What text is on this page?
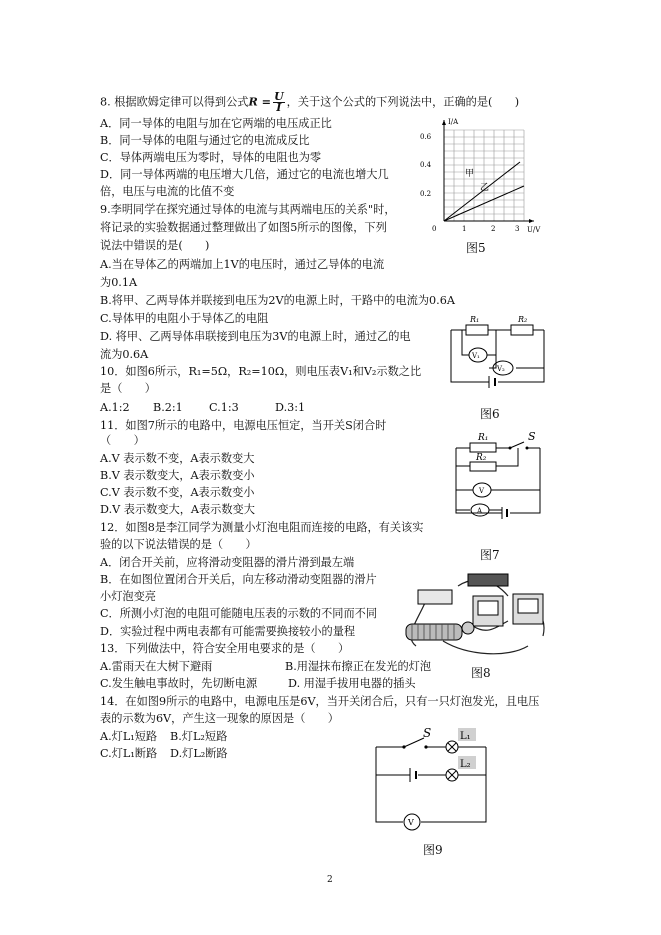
8. 根据欧姆定律可以得到公式$R = \frac{U}{I}$ ，关于这个公式的下列说法中，正确的是(　　)
A．同一导体的电阻与加在它两端的电压成正比
B．同一导体的电阻与通过它的电流成反比
C．导体两端电压为零时，导体的电阻也为零
D．同一导体两端的电压增大几倍，通过它的电流也增大几
倍，电压与电流的比值不变
9.李明同学在探究通过导体的电流与其两端电压的关系"时，
将记录的实验数据通过整理做出了如图5所示的图像，下列
说法中错误的是(　　)
A.当在导体乙的两端加上1V的电压时，通过乙导体的电流
为0.1A
B.将甲、乙两导体并联接到电压为2V的电源上时，干路中的电流为0.6A
C.导体甲的电阻小于导体乙的电阻
D. 将甲、乙两导体串联接到电压为3V的电源上时，通过乙的电
流为0.6A
10．如图6所示，R₁=5Ω，R₂=10Ω，则电压表V₁和V₂示数之比
是（　　）
A.1:2 B.2:1 C.1:3	D.3:1
11．如图7所示的电路中，电源电压恒定，当开关S闭合时
（　　）
A.V 表示数不变，A表示数变大
B.V 表示数变大，A表示数变小
C.V 表示数不变，A表示数变小
D.V 表示数变大，A表示数变大
12．如图8是李江同学为测量小灯泡电阻而连接的电路，有关该实
验的以下说法错误的是（　　）
A．闭合开关前，应将滑动变阻器的滑片滑到最左端
B．在如图位置闭合开关后，向左移动滑动变阻器的滑片
小灯泡变亮
C．所测小灯泡的电阻可能随电压表的示数的不同而不同
D．实验过程中两电表都有可能需要换接较小的量程
13．下列做法中，符合安全用电要求的是（　　）
A.雷雨天在大树下避雨	B.用湿抹布擦正在发光的灯泡
C.发生触电事故时，先切断电源	D. 用湿手拔用电器的插头
14．在如图9所示的电路中，电源电压是6V，当开关闭合后，只有一只灯泡发光，且电压
表的示数为6V，产生这一现象的原因是（　　）
A.灯L₁短路 B.灯L₂短路
C.灯L₁断路 D.灯L₂断路
I/A
U/V
0.6
0.4
0.2
0	1	2	3
甲
乙
图5
R₁	R₂
V₁
V₂
图6
R₁
R₂
S
V
A
图7
图8
S	L₁
L₂
V
图9
2
